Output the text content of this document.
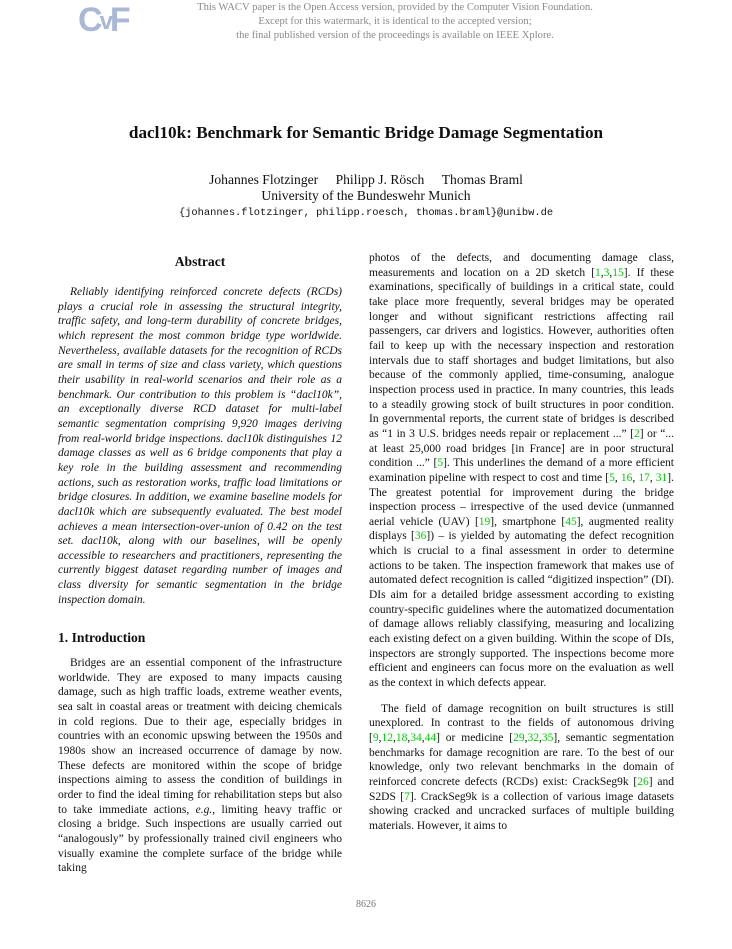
CvF	This WACV paper is the Open Access version, provided by the Computer Vision Foundation.
Except for this watermark, it is identical to the accepted version;
the final published version of the proceedings is available on IEEE Xplore.
dacl10k: Benchmark for Semantic Bridge Damage Segmentation
Johannes Flotzinger Philipp J. Rösch Thomas Braml
University of the Bundeswehr Munich
{johannes.flotzinger, philipp.roesch, thomas.braml}@unibw.de
Abstract

Reliably identifying reinforced concrete defects (RCDs) plays a crucial role in assessing the structural integrity, traffic safety, and long-term durability of concrete bridges, which represent the most common bridge type worldwide. Nevertheless, available datasets for the recognition of RCDs are small in terms of size and class variety, which questions their usability in real-world scenarios and their role as a benchmark. Our contribution to this problem is “dacl10k”, an exceptionally diverse RCD dataset for multi-label semantic segmentation comprising 9,920 images deriving from real-world bridge inspections. dacl10k distinguishes 12 damage classes as well as 6 bridge components that play a key role in the building assessment and recommending actions, such as restoration works, traffic load limitations or bridge closures. In addition, we examine baseline models for dacl10k which are subsequently evaluated. The best model achieves a mean intersection-over-union of 0.42 on the test set. dacl10k, along with our baselines, will be openly accessible to researchers and practitioners, representing the currently biggest dataset regarding number of images and class diversity for semantic segmentation in the bridge inspection domain.

1. Introduction

Bridges are an essential component of the infrastructure worldwide. They are exposed to many impacts causing damage, such as high traffic loads, extreme weather events, sea salt in coastal areas or treatment with deicing chemicals in cold regions. Due to their age, especially bridges in countries with an economic upswing between the 1950s and 1980s show an increased occurrence of damage by now. These defects are monitored within the scope of bridge inspections aiming to assess the condition of buildings in order to find the ideal timing for rehabilitation steps but also to take immediate actions, e.g., limiting heavy traffic or closing a bridge. Such inspections are usually carried out “analogously” by professionally trained civil engineers who visually examine the complete surface of the bridge while taking

photos of the defects, and documenting damage class, measurements and location on a 2D sketch [1,3,15]. If these examinations, specifically of buildings in a critical state, could take place more frequently, several bridges may be operated longer and without significant restrictions affecting rail passengers, car drivers and logistics. However, authorities often fail to keep up with the necessary inspection and restoration intervals due to staff shortages and budget limitations, but also because of the commonly applied, time-consuming, analogue inspection process used in practice. In many countries, this leads to a steadily growing stock of built structures in poor condition. In governmental reports, the current state of bridges is described as “1 in 3 U.S. bridges needs repair or replacement ...” [2] or “... at least 25,000 road bridges [in France] are in poor structural condition ...” [5]. This underlines the demand of a more efficient examination pipeline with respect to cost and time [5, 16, 17, 31]. The greatest potential for improvement during the bridge inspection process – irrespective of the used device (unmanned aerial vehicle (UAV) [19], smartphone [45], augmented reality displays [36]) – is yielded by automating the defect recognition which is crucial to a final assessment in order to determine actions to be taken. The inspection framework that makes use of automated defect recognition is called “digitized inspection” (DI). DIs aim for a detailed bridge assessment according to existing country-specific guidelines where the automatized documentation of damage allows reliably classifying, measuring and localizing each existing defect on a given building. Within the scope of DIs, inspectors are strongly supported. The inspections become more efficient and engineers can focus more on the evaluation as well as the context in which defects appear.

The field of damage recognition on built structures is still unexplored. In contrast to the fields of autonomous driving [9,12,18,34,44] or medicine [29,32,35], semantic segmentation benchmarks for damage recognition are rare. To the best of our knowledge, only two relevant benchmarks in the domain of reinforced concrete defects (RCDs) exist: CrackSeg9k [26] and S2DS [7]. CrackSeg9k is a collection of various image datasets showing cracked and uncracked surfaces of multiple building materials. However, it aims to

8626
